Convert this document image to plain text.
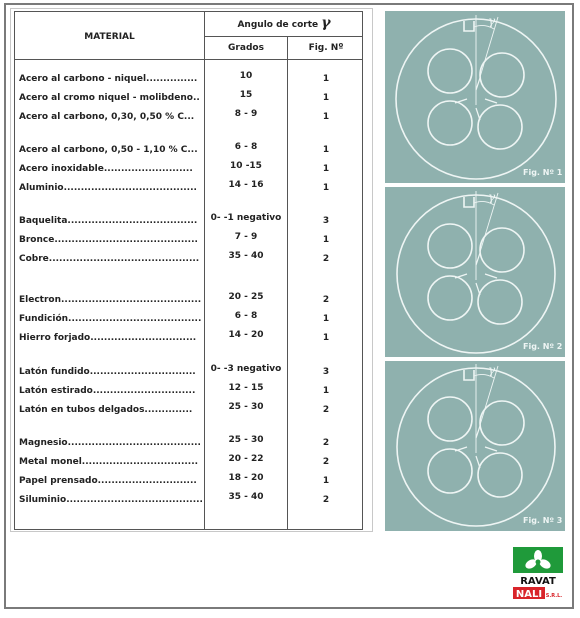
MATERIAL
Angulo de corte γ
Grados	Fig. Nº
Acero al carbono - niquel...............	10	1
Acero al cromo niquel - molibdeno..	15	1
Acero al carbono, 0,30, 0,50 % C...	8 - 9	1
Acero al carbono, 0,50 - 1,10 % C...	6 - 8	1
Acero inoxidable..........................	10 -15	1
Aluminio.......................................	14 - 16	1
Baquelita......................................	0- -1 negativo	3
Bronce..........................................	7 - 9	1
Cobre............................................	35 - 40	2
Electron.........................................	20 - 25	2
Fundición.......................................	6 - 8	1
Hierro forjado...............................	14 - 20	1
Latón fundido...............................	0- -3 negativo	3
Latón estirado..............................	12 - 15	1
Latón en tubos delgados..............	25 - 30	2
Magnesio.......................................	25 - 30	2
Metal monel..................................	20 - 22	2
Papel prensado.............................	18 - 20	1
Siluminio........................................	35 - 40	2
γ
Fig. Nº 1
γ
Fig. Nº 2
γ
Fig. Nº 3
RAVAT
NALI S.R.L.
